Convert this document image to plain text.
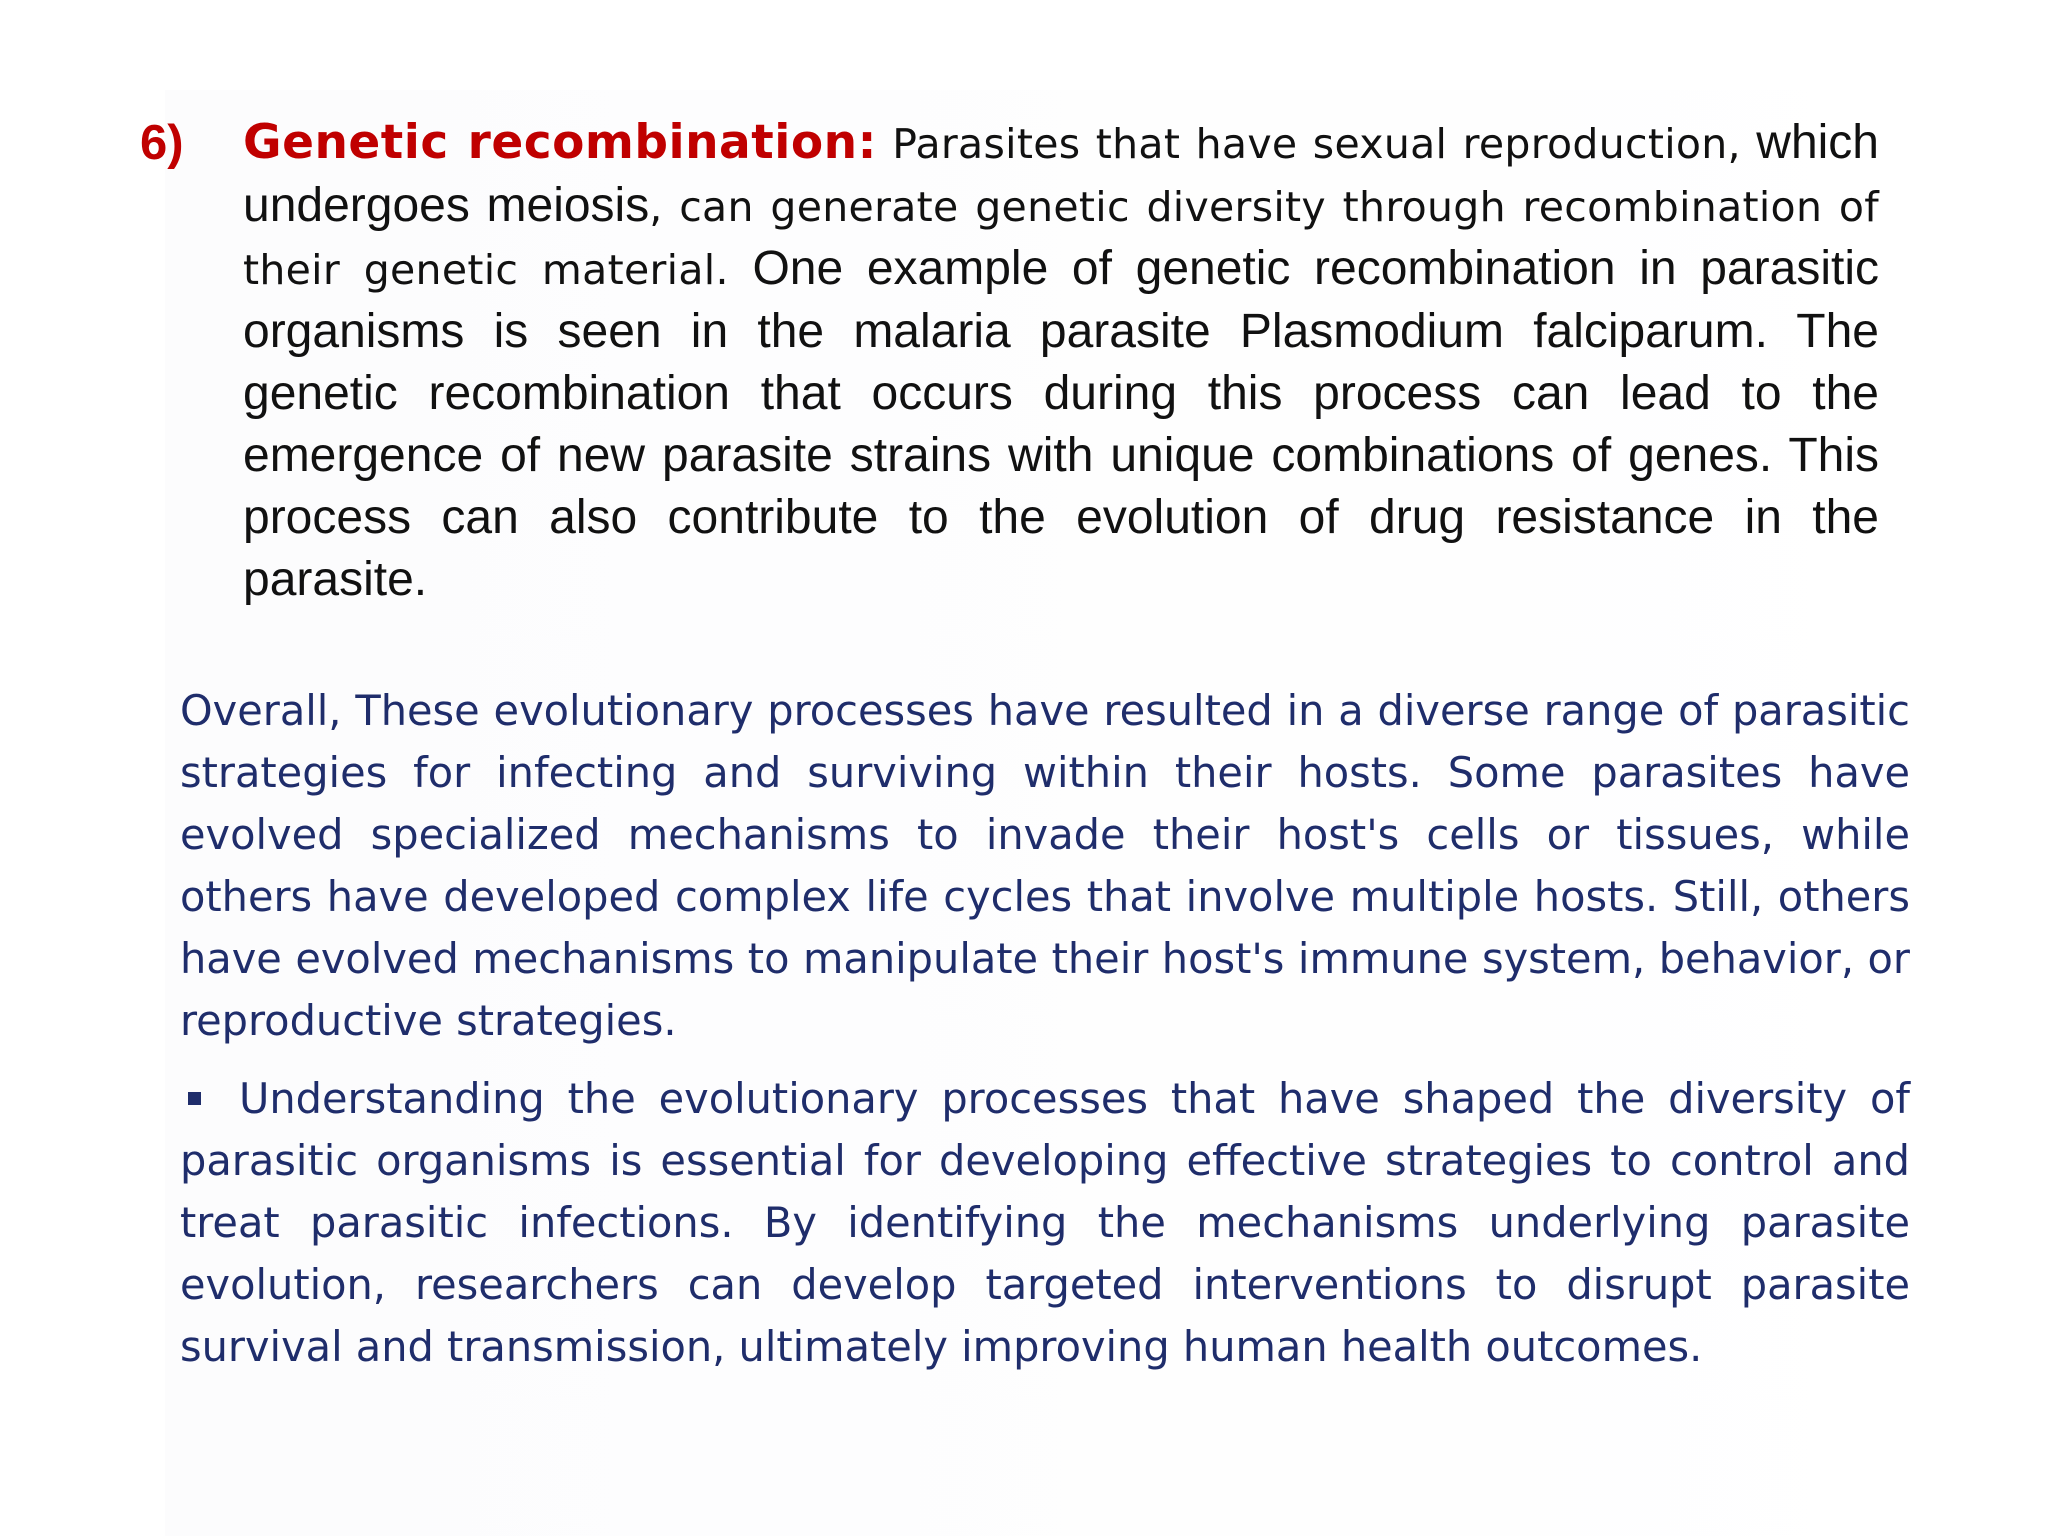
6) Genetic recombination: Parasites that have sexual reproduction, which undergoes meiosis, can generate genetic diversity through recombination of their genetic material. One example of genetic recombination in parasitic organisms is seen in the malaria parasite Plasmodium falciparum. The genetic recombination that occurs during this process can lead to the emergence of new parasite strains with unique combinations of genes. This process can also contribute to the evolution of drug resistance in the parasite.

Overall, These evolutionary processes have resulted in a diverse range of parasitic strategies for infecting and surviving within their hosts. Some parasites have evolved specialized mechanisms to invade their host's cells or tissues, while others have developed complex life cycles that involve multiple hosts. Still, others have evolved mechanisms to manipulate their host's immune system, behavior, or reproductive strategies.

Understanding the evolutionary processes that have shaped the diversity of parasitic organisms is essential for developing effective strategies to control and treat parasitic infections. By identifying the mechanisms underlying parasite evolution, researchers can develop targeted interventions to disrupt parasite survival and transmission, ultimately improving human health outcomes.
